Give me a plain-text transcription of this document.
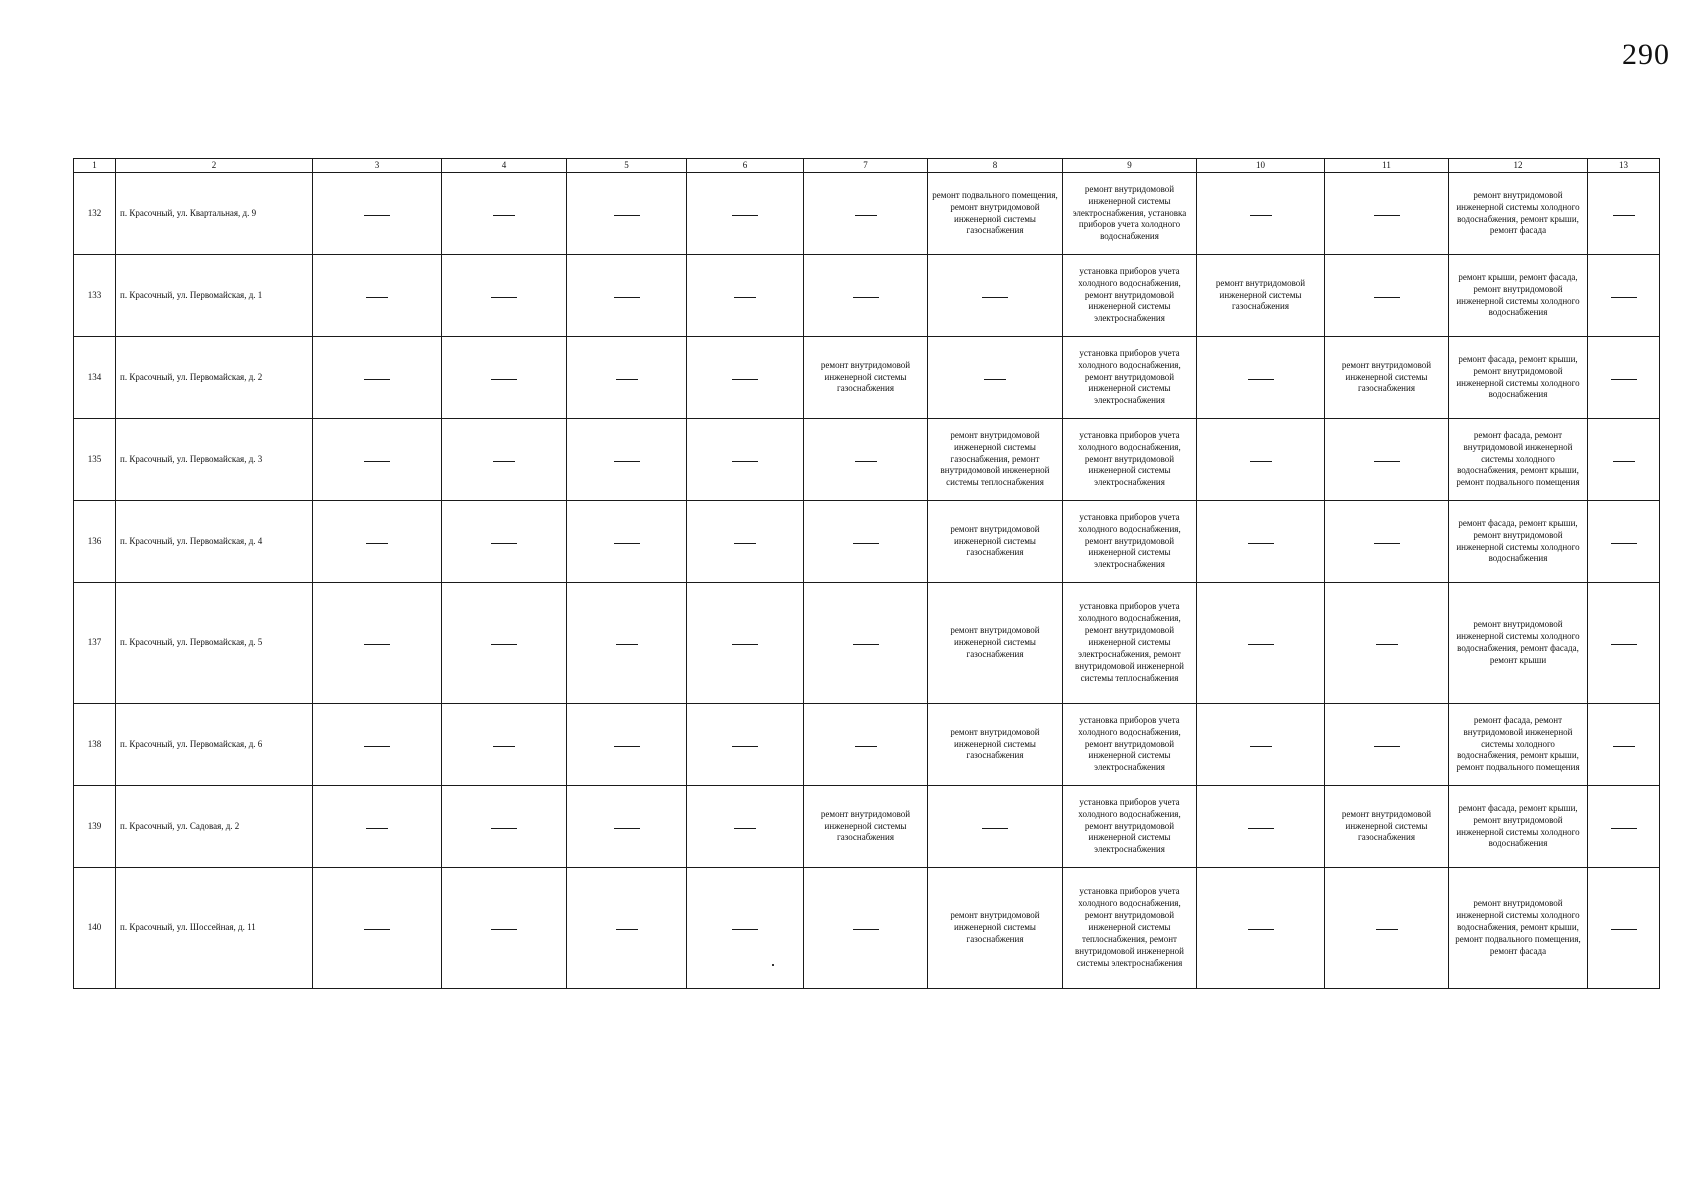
290
1	2	3	4	5	6	7	8	9	10	11	12	13
132	п. Красочный, ул. Квартальная, д. 9						ремонт подвального помещения, ремонт внутридомовой инженерной системы газоснабжения	ремонт внутридомовой инженерной системы электроснабжения, установка приборов учета холодного водоснабжения			ремонт внутридомовой инженерной системы холодного водоснабжения, ремонт крыши, ремонт фасада	
133	п. Красочный, ул. Первомайская, д. 1							установка приборов учета холодного водоснабжения, ремонт внутридомовой инженерной системы электроснабжения	ремонт внутридомовой инженерной системы газоснабжения		ремонт крыши, ремонт фасада, ремонт внутридомовой инженерной системы холодного водоснабжения	
134	п. Красочный, ул. Первомайская, д. 2					ремонт внутридомовой инженерной системы газоснабжения		установка приборов учета холодного водоснабжения, ремонт внутридомовой инженерной системы электроснабжения		ремонт внутридомовой инженерной системы газоснабжения	ремонт фасада, ремонт крыши, ремонт внутридомовой инженерной системы холодного водоснабжения	
135	п. Красочный, ул. Первомайская, д. 3						ремонт внутридомовой инженерной системы газоснабжения, ремонт внутридомовой инженерной системы теплоснабжения	установка приборов учета холодного водоснабжения, ремонт внутридомовой инженерной системы электроснабжения			ремонт фасада, ремонт внутридомовой инженерной системы холодного водоснабжения, ремонт крыши, ремонт подвального помещения	
136	п. Красочный, ул. Первомайская, д. 4						ремонт внутридомовой инженерной системы газоснабжения	установка приборов учета холодного водоснабжения, ремонт внутридомовой инженерной системы электроснабжения			ремонт фасада, ремонт крыши, ремонт внутридомовой инженерной системы холодного водоснабжения	
137	п. Красочный, ул. Первомайская, д. 5						ремонт внутридомовой инженерной системы газоснабжения	установка приборов учета холодного водоснабжения, ремонт внутридомовой инженерной системы электроснабжения, ремонт внутридомовой инженерной системы теплоснабжения			ремонт внутридомовой инженерной системы холодного водоснабжения, ремонт фасада, ремонт крыши	
138	п. Красочный, ул. Первомайская, д. 6						ремонт внутридомовой инженерной системы газоснабжения	установка приборов учета холодного водоснабжения, ремонт внутридомовой инженерной системы электроснабжения			ремонт фасада, ремонт внутридомовой инженерной системы холодного водоснабжения, ремонт крыши, ремонт подвального помещения	
139	п. Красочный, ул. Садовая, д. 2					ремонт внутридомовой инженерной системы газоснабжения		установка приборов учета холодного водоснабжения, ремонт внутридомовой инженерной системы электроснабжения		ремонт внутридомовой инженерной системы газоснабжения	ремонт фасада, ремонт крыши, ремонт внутридомовой инженерной системы холодного водоснабжения	
140	п. Красочный, ул. Шоссейная, д. 11						ремонт внутридомовой инженерной системы газоснабжения	установка приборов учета холодного водоснабжения, ремонт внутридомовой инженерной системы теплоснабжения, ремонт внутридомовой инженерной системы электроснабжения			ремонт внутридомовой инженерной системы холодного водоснабжения, ремонт крыши, ремонт подвального помещения, ремонт фасада	
